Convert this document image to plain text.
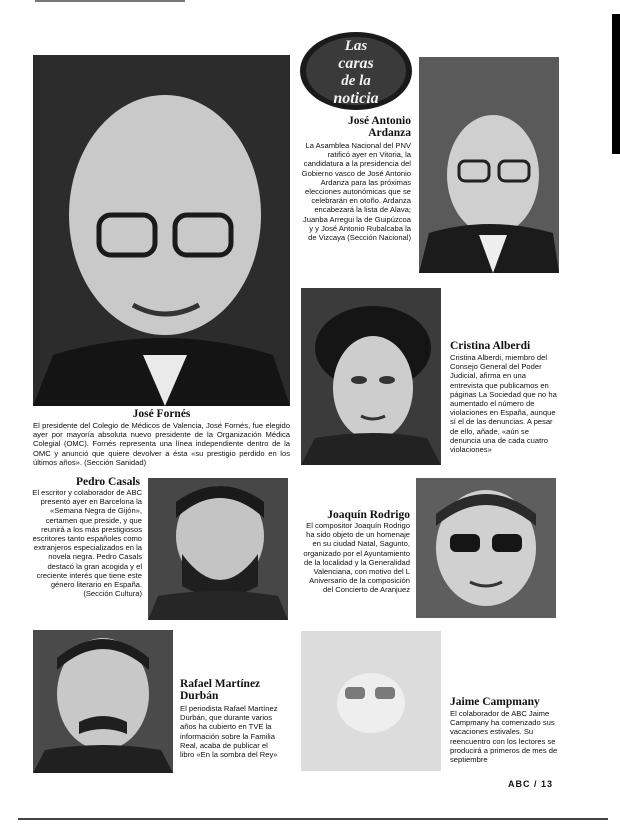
Las
caras
de la
noticia
José Antonio Ardanza
La Asamblea Nacional del PNV ratificó ayer en Vitoria, la candidatura a la presidencia del Gobierno vasco de José Antonio Ardanza para las próximas elecciones autonómicas que se celebrarán en otoño. Ardanza encabezará la lista de Alava; Juanba Arregui la de Guipúzcoa y y José Antonio Rubalcaba la de Vizcaya (Sección Nacional)
José Fornés
El presidente del Colegio de Médicos de Valencia, José Fornés, fue elegido ayer por mayoría absoluta nuevo presidente de la Organización Médica Colegial (OMC). Fornés representa una línea independiente dentro de la OMC y anunció que quiere devolver a ésta «su prestigio perdido en los últimos años». (Sección Sanidad)
Cristina Alberdi
Cristina Alberdi, miembro del Consejo General del Poder Judicial, afirma en una entrevista que publicamos en páginas La Sociedad que no ha aumentado el número de violaciones en España, aunque sí el de las denuncias. A pesar de ello, añade, «aún se denuncia una de cada cuatro violaciones»
Pedro Casals
El escritor y colaborador de ABC presentó ayer en Barcelona la «Semana Negra de Gijón», certamen que preside, y que reunirá a los más prestigiosos escritores tanto españoles como extranjeros especializados en la novela negra. Pedro Casals destacó la gran acogida y el creciente interés que tiene este género literario en España. (Sección Cultura)
Joaquín Rodrigo
El compositor Joaquín Rodrigo ha sido objeto de un homenaje en su ciudad Natal, Sagunto, organizado por el Ayuntamiento de la localidad y la Generalidad Valenciana, con motivo del L Aniversario de la composición del Concierto de Aranjuez
Rafael Martínez Durbán
El periodista Rafael Martínez Durbán, que durante varios años ha cubierto en TVE la información sobre la Familia Real, acaba de publicar el libro «En la sombra del Rey»
Jaime Campmany
El colaborador de ABC Jaime Campmany ha comenzado sus vacaciones estivales. Su reencuentro con los lectores se producirá a primeros de mes de septiembre
ABC / 13
